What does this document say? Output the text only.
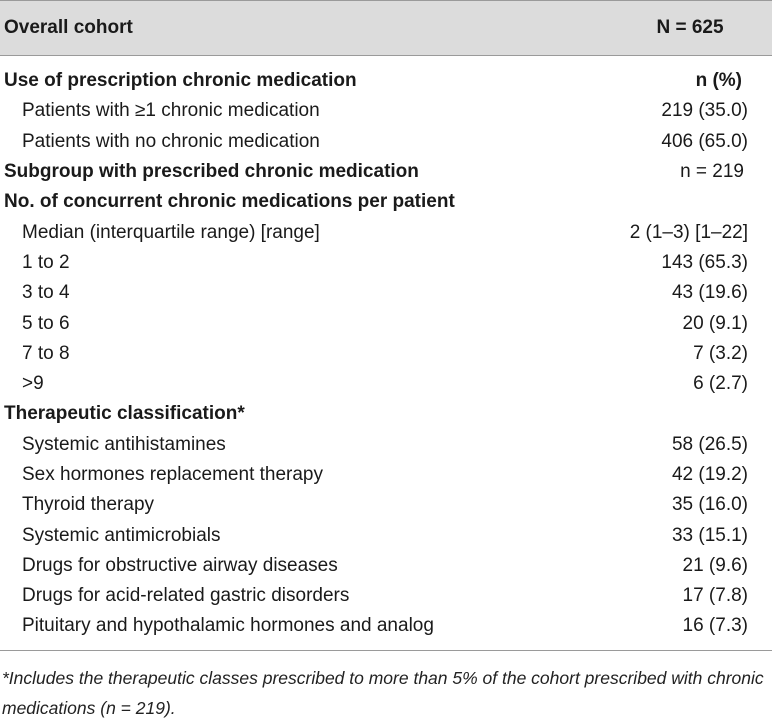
Overall cohort	N = 625
Use of prescription chronic medication	n (%)
Patients with ≥1 chronic medication	219 (35.0)
Patients with no chronic medication	406 (65.0)
Subgroup with prescribed chronic medication	n = 219
No. of concurrent chronic medications per patient
Median (interquartile range) [range]	2 (1–3) [1–22]
1 to 2	143 (65.3)
3 to 4	43 (19.6)
5 to 6	20 (9.1)
7 to 8	7 (3.2)
>9	6 (2.7)
Therapeutic classification*
Systemic antihistamines	58 (26.5)
Sex hormones replacement therapy	42 (19.2)
Thyroid therapy	35 (16.0)
Systemic antimicrobials	33 (15.1)
Drugs for obstructive airway diseases	21 (9.6)
Drugs for acid-related gastric disorders	17 (7.8)
Pituitary and hypothalamic hormones and analog	16 (7.3)
*Includes the therapeutic classes prescribed to more than 5% of the cohort prescribed with chronic medications (n = 219).
